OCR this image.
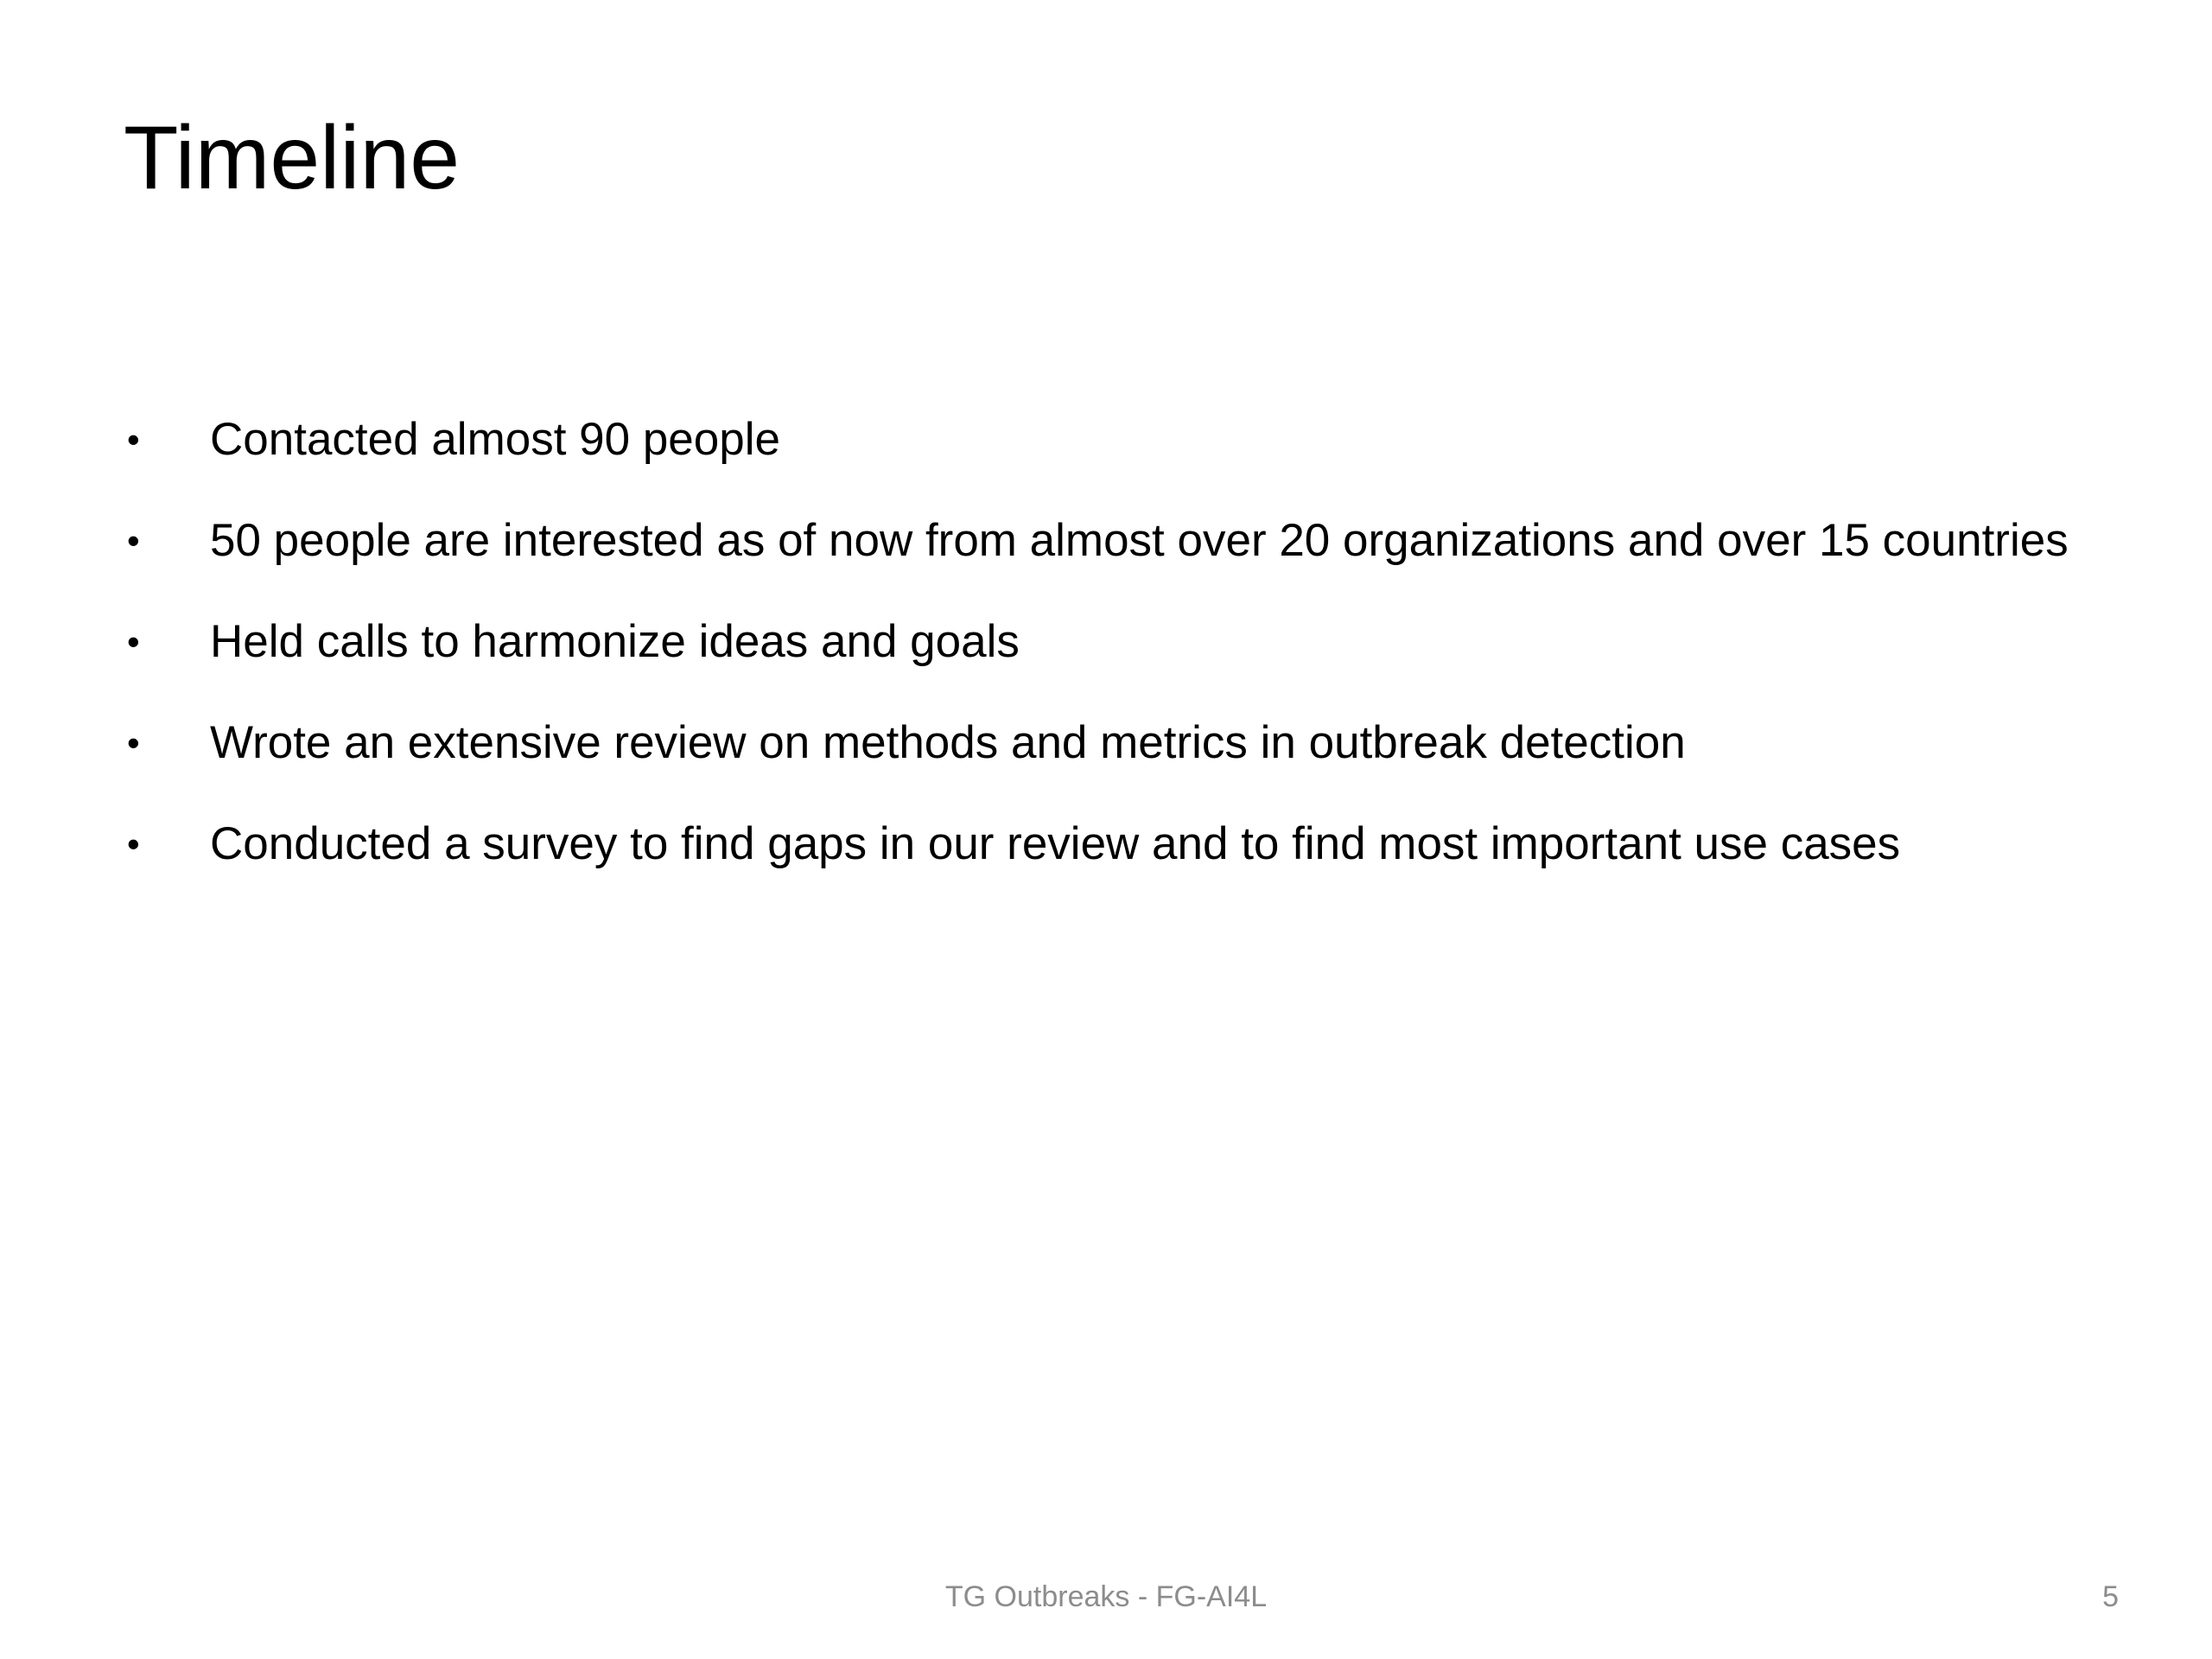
Timeline
• Contacted almost 90 people
• 50 people are interested as of now from almost over 20 organizations and over 15 countries
• Held calls to harmonize ideas and goals
• Wrote an extensive review on methods and metrics in outbreak detection
• Conducted a survey to find gaps in our review and to find most important use cases
TG Outbreaks - FG-AI4L	5
